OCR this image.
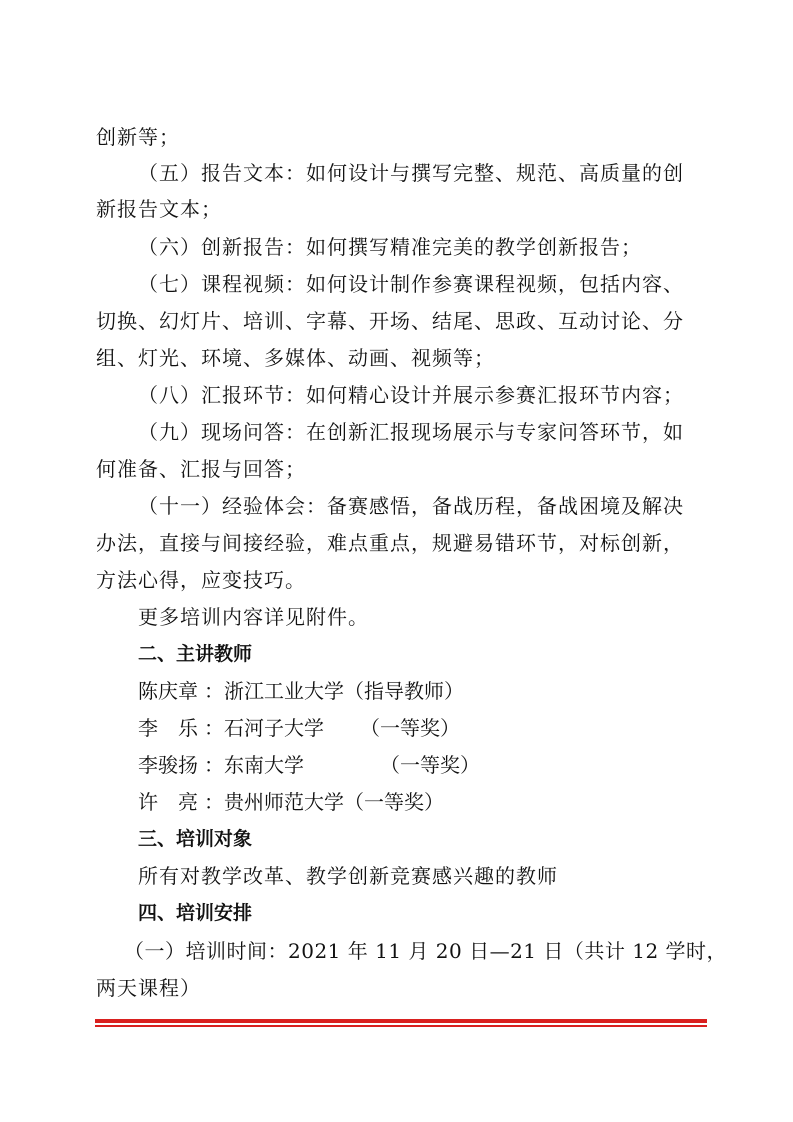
创新等；
（五）报告文本：如何设计与撰写完整、规范、高质量的创
新报告文本；
（六）创新报告：如何撰写精准完美的教学创新报告；
（七）课程视频：如何设计制作参赛课程视频，包括内容、
切换、幻灯片、培训、字幕、开场、结尾、思政、互动讨论、分
组、灯光、环境、多媒体、动画、视频等；
（八）汇报环节：如何精心设计并展示参赛汇报环节内容；
（九）现场问答：在创新汇报现场展示与专家问答环节，如
何准备、汇报与回答；
（十一）经验体会：备赛感悟，备战历程，备战困境及解决
办法，直接与间接经验，难点重点，规避易错环节，对标创新，
方法心得，应变技巧。
更多培训内容详见附件。
二、主讲教师
陈庆章 ：浙江工业大学（指导教师）
李　乐 ：石河子大学 （一等奖）
李骏扬 ：东南大学	（一等奖）
许　亮 ：贵州师范大学（一等奖）
三、培训对象
所有对教学改革、教学创新竞赛感兴趣的教师
四、培训安排
（一）培训时间：2021 年 11 月 20 日—21 日（共计 12 学时，
两天课程）
